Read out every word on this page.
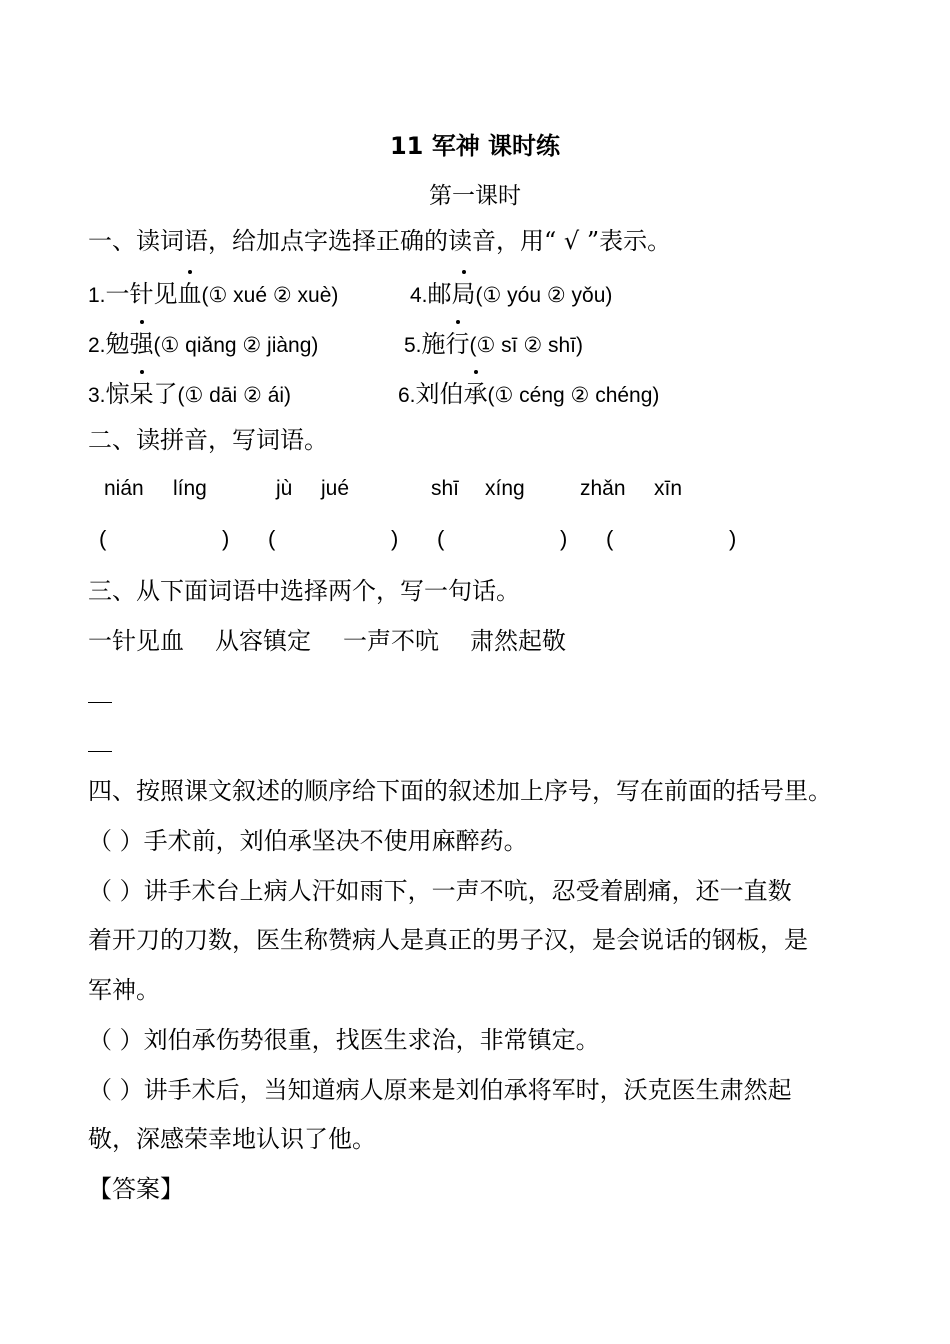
11 军神 课时练
第一课时
一、读词语，给加点字选择正确的读音，用“ √ ”表示。
1.一针见血(① xué ② xuè)	4.邮局(① yóu ② yǒu)
2.勉强(① qiǎng ② jiàng)	5.施行(① sī ② shī)
3.惊呆了(① dāi ② ái)	6.刘伯承(① céng ② chéng)
二、读拼音，写词语。
nián líng	jù jué	shī xíng	zhǎn xīn
(	) (	) (	) (	)
三、从下面词语中选择两个，写一句话。
一针见血 从容镇定 一声不吭 肃然起敬
四、按照课文叙述的顺序给下面的叙述加上序号，写在前面的括号里。
（ ）手术前，刘伯承坚决不使用麻醉药。
（ ）讲手术台上病人汗如雨下，一声不吭，忍受着剧痛，还一直数
着开刀的刀数，医生称赞病人是真正的男子汉，是会说话的钢板，是
军神。
（ ）刘伯承伤势很重，找医生求治，非常镇定。
（ ）讲手术后，当知道病人原来是刘伯承将军时，沃克医生肃然起
敬，深感荣幸地认识了他。
【答案】
